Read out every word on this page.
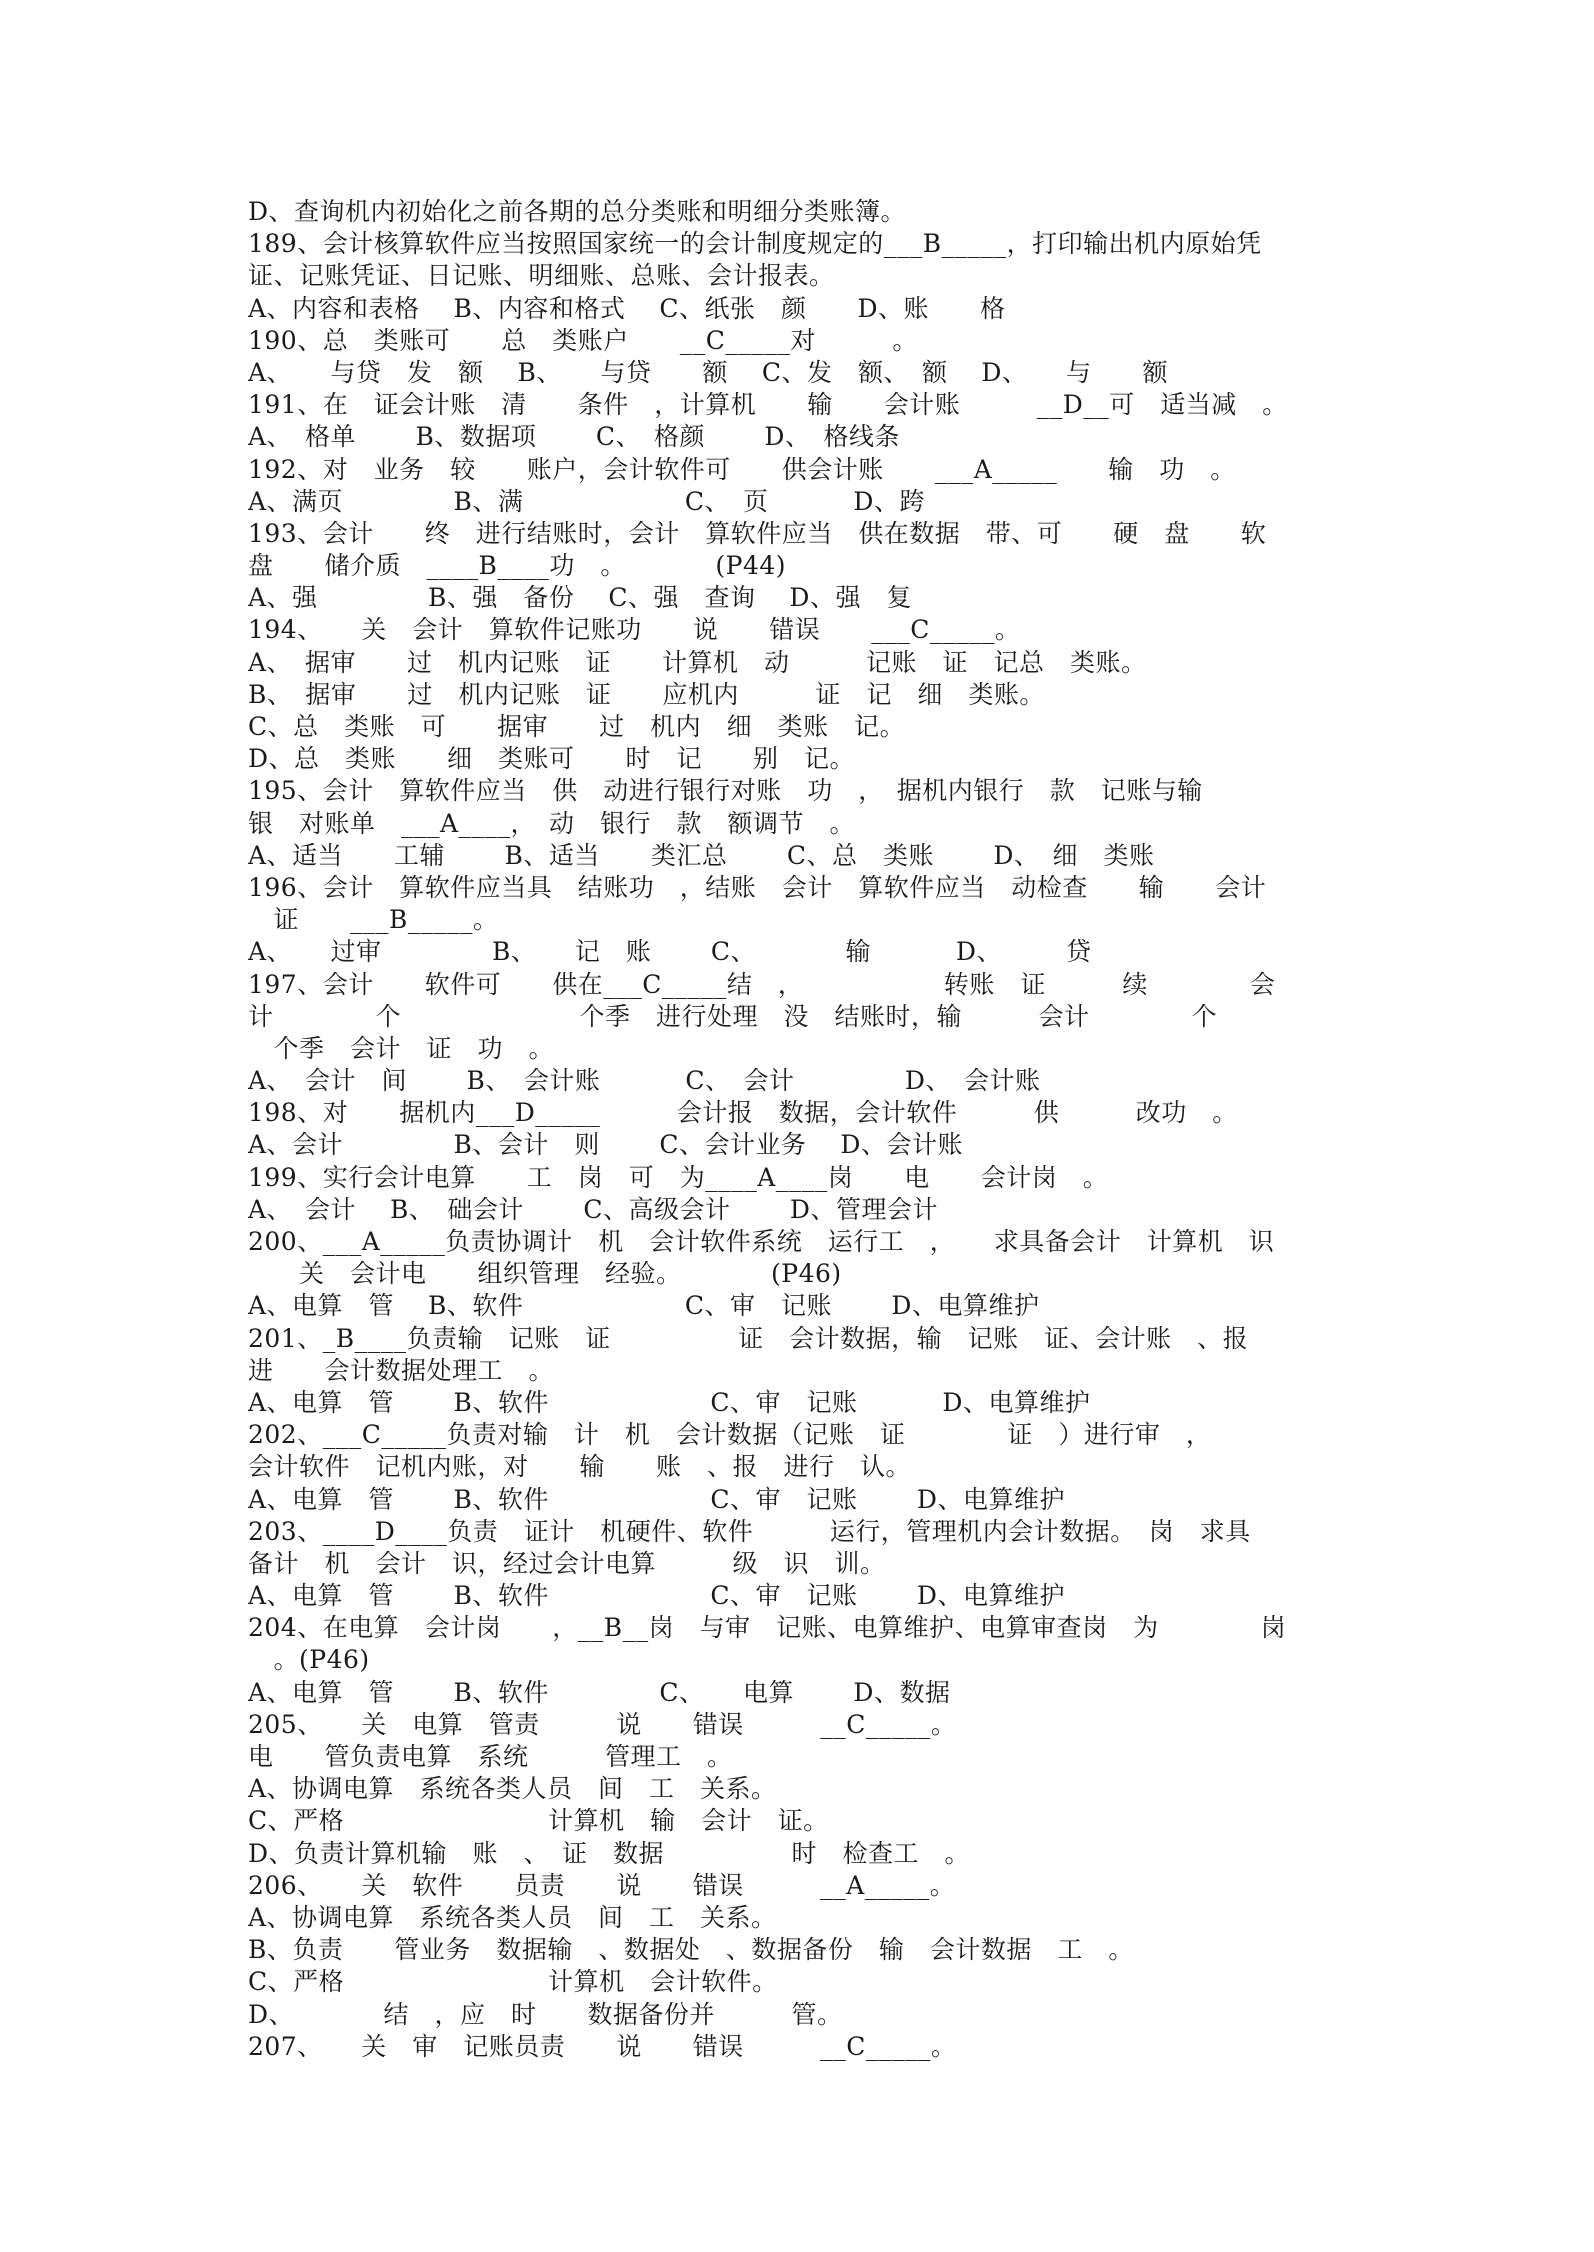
D、查询机内初始化之前各期的总分类账和明细分类账簿。
189、会计核算软件应当按照国家统一的会计制度规定的___B_____，打印输出机内原始凭
证、记账凭证、日记账、明细账、总账、会计报表。
A、内容和表格　 B、内容和格式　 C、纸张　颜　　D、账　　格
190、总　类账可　　总　类账户　　__C_____对　　　。
A、　　与贷　发　额　 B、　　与贷　　额　 C、发　额、　额　 D、　　与　　额
191、在　证会计账　清　　条件　，计算机　　输　　会计账　　　__D__可　适当减　。
A、　格单　　 B、数据项　　 C、　格颜　　 D、　格线条
192、对　业务　较　　账户，会计软件可　　供会计账　　___A_____　　输　功　。
A、满页　　　　 B、满　　　　　　 C、　页　　　 D、跨
193、会计　　终　进行结账时，会计　算软件应当　供在数据　带、可　　硬　盘　　软
盘　　储介质　____B____功　。　　　　(P44)
A、强　　　　 B、强　备份　 C、强　查询　 D、强　复
194、　　关　会计　算软件记账功　　说　　错误　　___C_____。
A、　据审　　过　机内记账　证　　计算机　动　　　记账　证　记总　类账。
B、　据审　　过　机内记账　证　　应机内　　　证　记　细　类账。
C、总　类账　可　　据审　　过　机内　细　类账　记。
D、总　类账　　细　类账可　　时　记　　别　记。
195、会计　算软件应当　供　动进行银行对账　功　，　据机内银行　款　记账与输
银　对账单　___A____，　动　银行　款　额调节　。
A、适当　　工辅　　 B、适当　　类汇总　　 C、总　类账　　 D、　细　类账
196、会计　算软件应当具　结账功　，结账　会计　算软件应当　动检查　　输　　会计
　证　　___B_____。
A、　　过审　　　　 B、　　记　账　　 C、　　　　输　　　 D、　　　贷
197、会计　　软件可　　供在___C_____结　，　　　　　　转账　证　　　续　　　　会
计　　　　个　　　　　　　个季　进行处理　没　结账时，输　　　会计　　　　个
　个季　会计　证　功　。
A、　会计　间　　 B、　会计账　　　 C、　会计　　　　 D、　会计账
198、对　　据机内___D_____　　　会计报　数据，会计软件　　　供　　　改功　。
A、会计　　　　 B、会计　则　　 C、会计业务　 D、会计账
199、实行会计电算　　工　岗　可　为____A____岗　　电　　会计岗　。
A、　会计　 B、　础会计　　 C、高级会计　　 D、管理会计
200、___A_____负责协调计　机　会计软件系统　运行工　，　　求具备会计　计算机　识
　　关　会计电　　组织管理　经验。　　　　(P46)
A、电算　管　 B、软件　　　　　　 C、审　记账　　 D、电算维护
201、_B____负责输　记账　证　　　　　证　会计数据，输　记账　证、会计账　、报
进　　会计数据处理工　。
A、电算　管　　 B、软件　　　　　　 C、审　记账　　　 D、电算维护
202、___C_____负责对输　计　机　会计数据（记账　证　　　　证　）进行审　，
会计软件　记机内账，对　　输　　账　、报　进行　认。
A、电算　管　　 B、软件　　　　　　 C、审　记账　　 D、电算维护
203、____D____负责　证计　机硬件、软件　　　运行，管理机内会计数据。　岗　求具
备计　机　会计　识，经过会计电算　　　级　识　训。
A、电算　管　　 B、软件　　　　　　 C、审　记账　　 D、电算维护
204、在电算　会计岗　　，__B__岗　与审　记账、电算维护、电算审查岗　为　　　　岗
　。(P46)
A、电算　管　　 B、软件　　　　 C、　　电算　　 D、数据
205、　　关　电算　管责　　　说　　错误　　　__C_____。
电　　管负责电算　系统　　　管理工　。
A、协调电算　系统各类人员　间　工　关系。
C、严格　　　　　　　　计算机　输　会计　证。
D、负责计算机输　账　、　证　数据　　　　　时　检查工　。
206、　　关　软件　　员责　　说　　错误　　　__A_____。
A、协调电算　系统各类人员　间　工　关系。
B、负责　　管业务　数据输　、数据处　、数据备份　输　会计数据　工　。
C、严格　　　　　　　　计算机　会计软件。
D、　　　　结　，应　时　　数据备份并　　　管。
207、　　关　审　记账员责　　说　　错误　　　__C_____。
